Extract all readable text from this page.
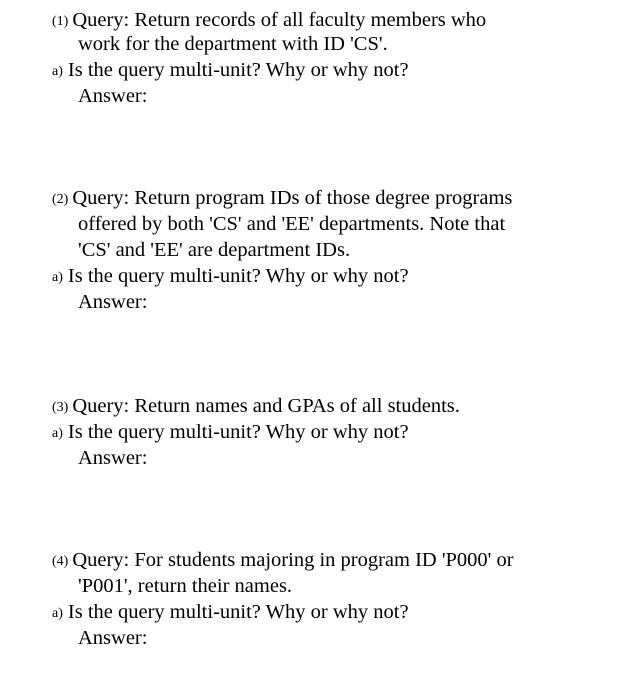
(1) Query: Return records of all faculty members who
work for the department with ID 'CS'.
a) Is the query multi-unit? Why or why not?
Answer:
(2) Query: Return program IDs of those degree programs
offered by both 'CS' and 'EE' departments. Note that
'CS' and 'EE' are department IDs.
a) Is the query multi-unit? Why or why not?
Answer:
(3) Query: Return names and GPAs of all students.
a) Is the query multi-unit? Why or why not?
Answer:
(4) Query: For students majoring in program ID 'P000' or
'P001', return their names.
a) Is the query multi-unit? Why or why not?
Answer:
